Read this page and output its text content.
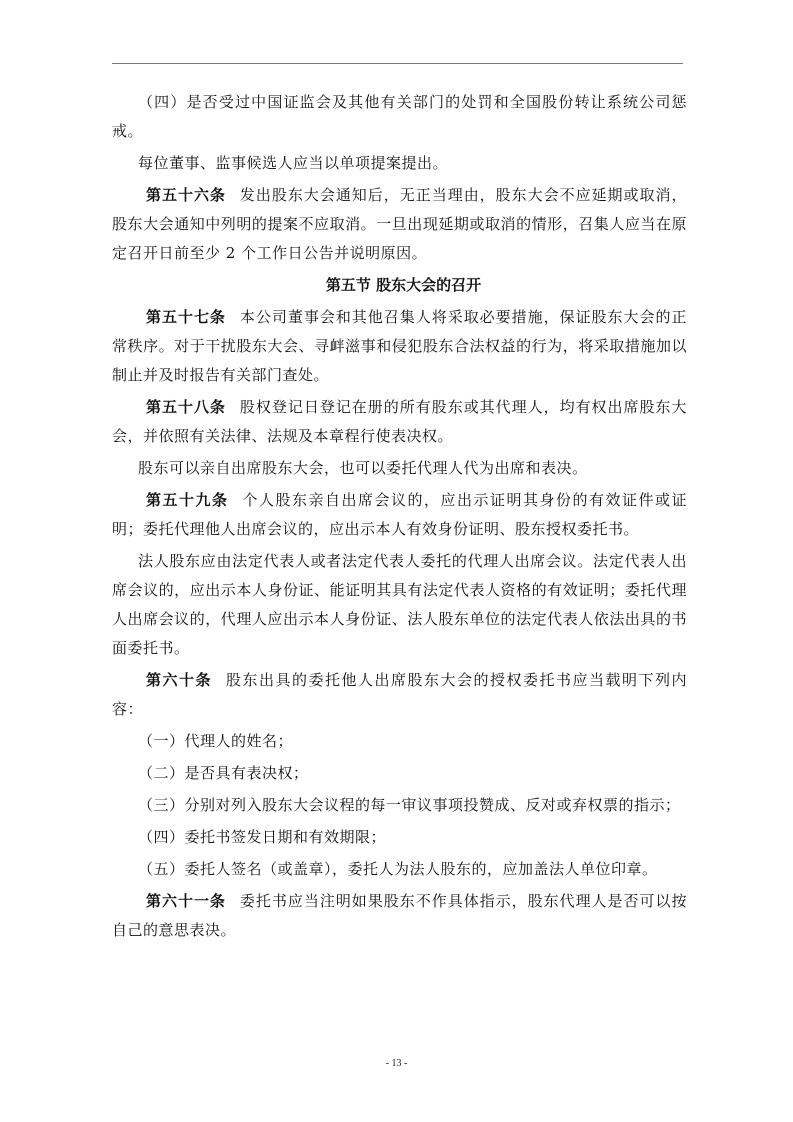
（四）是否受过中国证监会及其他有关部门的处罚和全国股份转让系统公司惩戒。

每位董事、监事候选人应当以单项提案提出。

第五十六条 发出股东大会通知后，无正当理由，股东大会不应延期或取消，股东大会通知中列明的提案不应取消。一旦出现延期或取消的情形，召集人应当在原定召开日前至少 2 个工作日公告并说明原因。

第五节 股东大会的召开

第五十七条 本公司董事会和其他召集人将采取必要措施，保证股东大会的正常秩序。对于干扰股东大会、寻衅滋事和侵犯股东合法权益的行为，将采取措施加以制止并及时报告有关部门查处。

第五十八条 股权登记日登记在册的所有股东或其代理人，均有权出席股东大会，并依照有关法律、法规及本章程行使表决权。

股东可以亲自出席股东大会，也可以委托代理人代为出席和表决。

第五十九条 个人股东亲自出席会议的，应出示证明其身份的有效证件或证明；委托代理他人出席会议的，应出示本人有效身份证明、股东授权委托书。

法人股东应由法定代表人或者法定代表人委托的代理人出席会议。法定代表人出席会议的，应出示本人身份证、能证明其具有法定代表人资格的有效证明；委托代理人出席会议的，代理人应出示本人身份证、法人股东单位的法定代表人依法出具的书面委托书。

第六十条 股东出具的委托他人出席股东大会的授权委托书应当载明下列内容：

（一）代理人的姓名；

（二）是否具有表决权；

（三）分别对列入股东大会议程的每一审议事项投赞成、反对或弃权票的指示；

（四）委托书签发日期和有效期限；

（五）委托人签名（或盖章），委托人为法人股东的，应加盖法人单位印章。

第六十一条 委托书应当注明如果股东不作具体指示，股东代理人是否可以按自己的意思表决。

- 13 -
